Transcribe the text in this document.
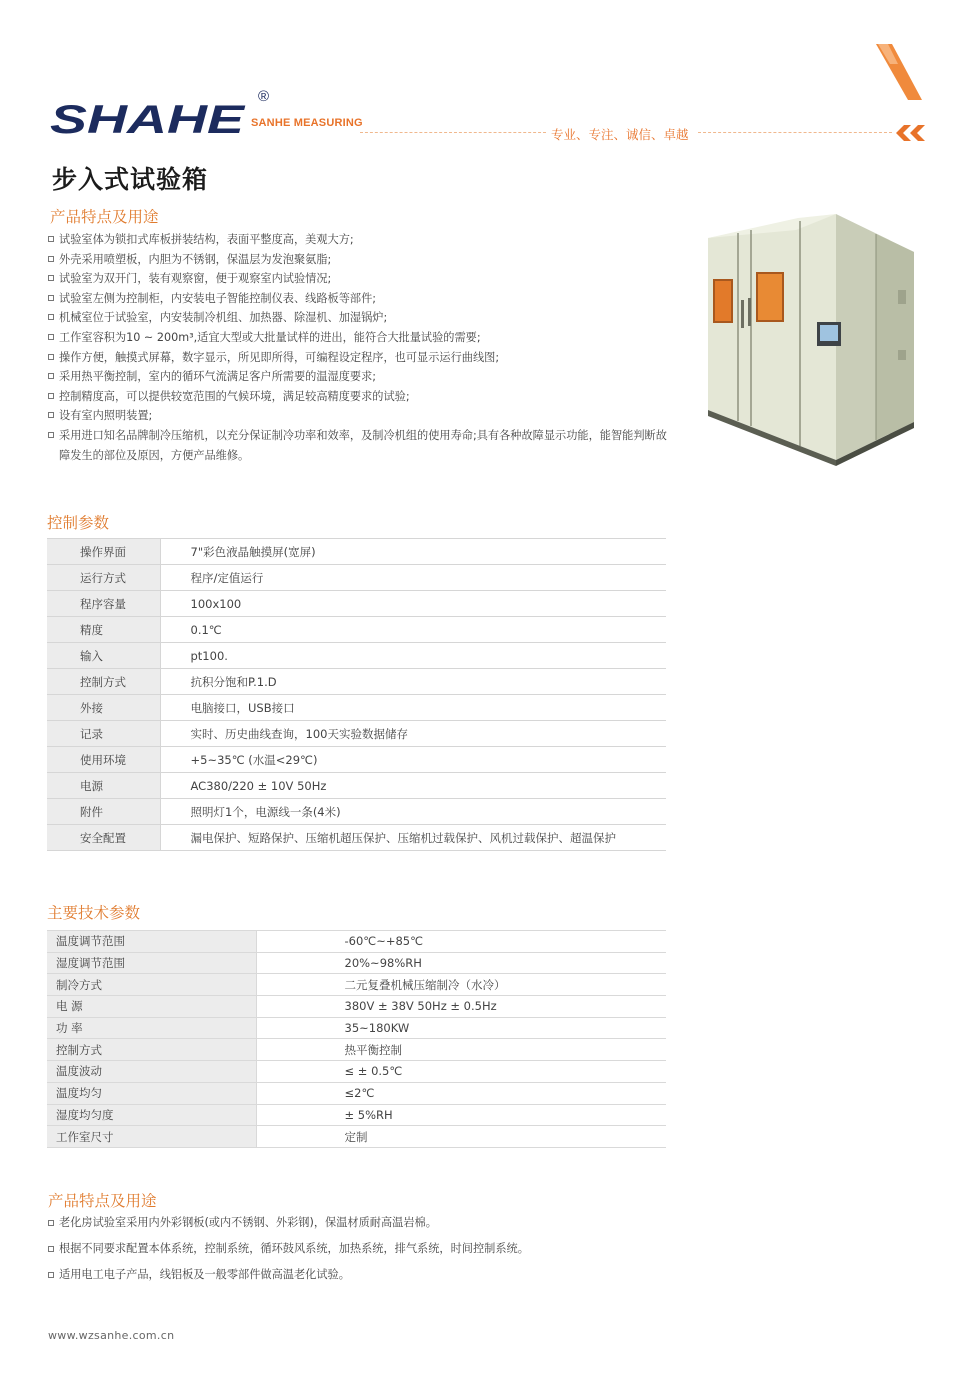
SHAHE
®
SANHE MEASURING
专业、专注、诚信、卓越
步入式试验箱
产品特点及用途
试验室体为锁扣式库板拼装结构，表面平整度高，美观大方;
外壳采用喷塑板，内胆为不锈钢，保温层为发泡聚氨脂;
试验室为双开门，装有观察窗，便于观察室内试验情况;
试验室左侧为控制柜，内安装电子智能控制仪表、线路板等部件;
机械室位于试验室，内安装制冷机组、加热器、除湿机、加湿锅炉;
工作室容积为10 ~ 200m³,适宜大型或大批量试样的进出，能符合大批量试验的需要;
操作方便，触摸式屏幕，数字显示，所见即所得，可编程设定程序，也可显示运行曲线图;
采用热平衡控制，室内的循环气流满足客户所需要的温湿度要求;
控制精度高，可以提供较宽范围的气候环境，满足较高精度要求的试验;
设有室内照明装置;
采用进口知名品牌制冷压缩机，以充分保证制冷功率和效率，及制冷机组的使用寿命;具有各种故障显示功能，能智能判断故障发生的部位及原因，方便产品维修。
控制参数
操作界面	7"彩色液晶触摸屏(宽屏)
运行方式	程序/定值运行
程序容量	100x100
精度	0.1℃
输入	pt100.
控制方式	抗积分饱和P.1.D
外接	电脑接口，USB接口
记录	实时、历史曲线查询，100天实验数据储存
使用环境	+5~35℃ (水温<29℃)
电源	AC380/220 ± 10V 50Hz
附件	照明灯1个，电源线一条(4米)
安全配置	漏电保护、短路保护、压缩机超压保护、压缩机过载保护、风机过载保护、超温保护
主要技术参数
温度调节范围	-60℃~+85℃
湿度调节范围	20%~98%RH
制冷方式	二元复叠机械压缩制冷（水冷）
电 源	380V ± 38V 50Hz ± 0.5Hz
功 率	35~180KW
控制方式	热平衡控制
温度波动	≤ ± 0.5℃
温度均匀	≤2℃
湿度均匀度	± 5%RH
工作室尺寸	定制
产品特点及用途
老化房试验室采用内外彩钢板(或内不锈钢、外彩钢)，保温材质耐高温岩棉。
根据不同要求配置本体系统，控制系统，循环鼓风系统，加热系统，排气系统，时间控制系统。
适用电工电子产品，线铝板及一般零部件做高温老化试验。
www.wzsanhe.com.cn
